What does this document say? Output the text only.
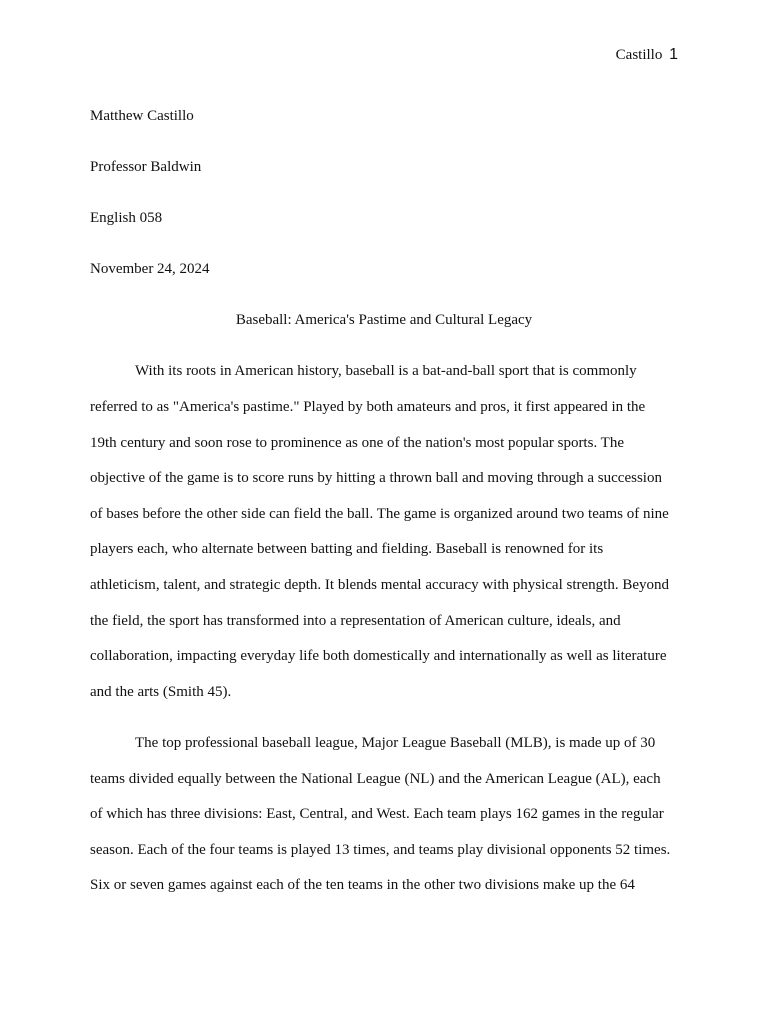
Castillo 1
Matthew Castillo
Professor Baldwin
English 058
November 24, 2024
Baseball: America's Pastime and Cultural Legacy
With its roots in American history, baseball is a bat-and-ball sport that is commonly
referred to as "America's pastime." Played by both amateurs and pros, it first appeared in the
19th century and soon rose to prominence as one of the nation's most popular sports. The
objective of the game is to score runs by hitting a thrown ball and moving through a succession
of bases before the other side can field the ball. The game is organized around two teams of nine
players each, who alternate between batting and fielding. Baseball is renowned for its
athleticism, talent, and strategic depth. It blends mental accuracy with physical strength. Beyond
the field, the sport has transformed into a representation of American culture, ideals, and
collaboration, impacting everyday life both domestically and internationally as well as literature
and the arts (Smith 45).
The top professional baseball league, Major League Baseball (MLB), is made up of 30
teams divided equally between the National League (NL) and the American League (AL), each
of which has three divisions: East, Central, and West. Each team plays 162 games in the regular
season. Each of the four teams is played 13 times, and teams play divisional opponents 52 times.
Six or seven games against each of the ten teams in the other two divisions make up the 64
